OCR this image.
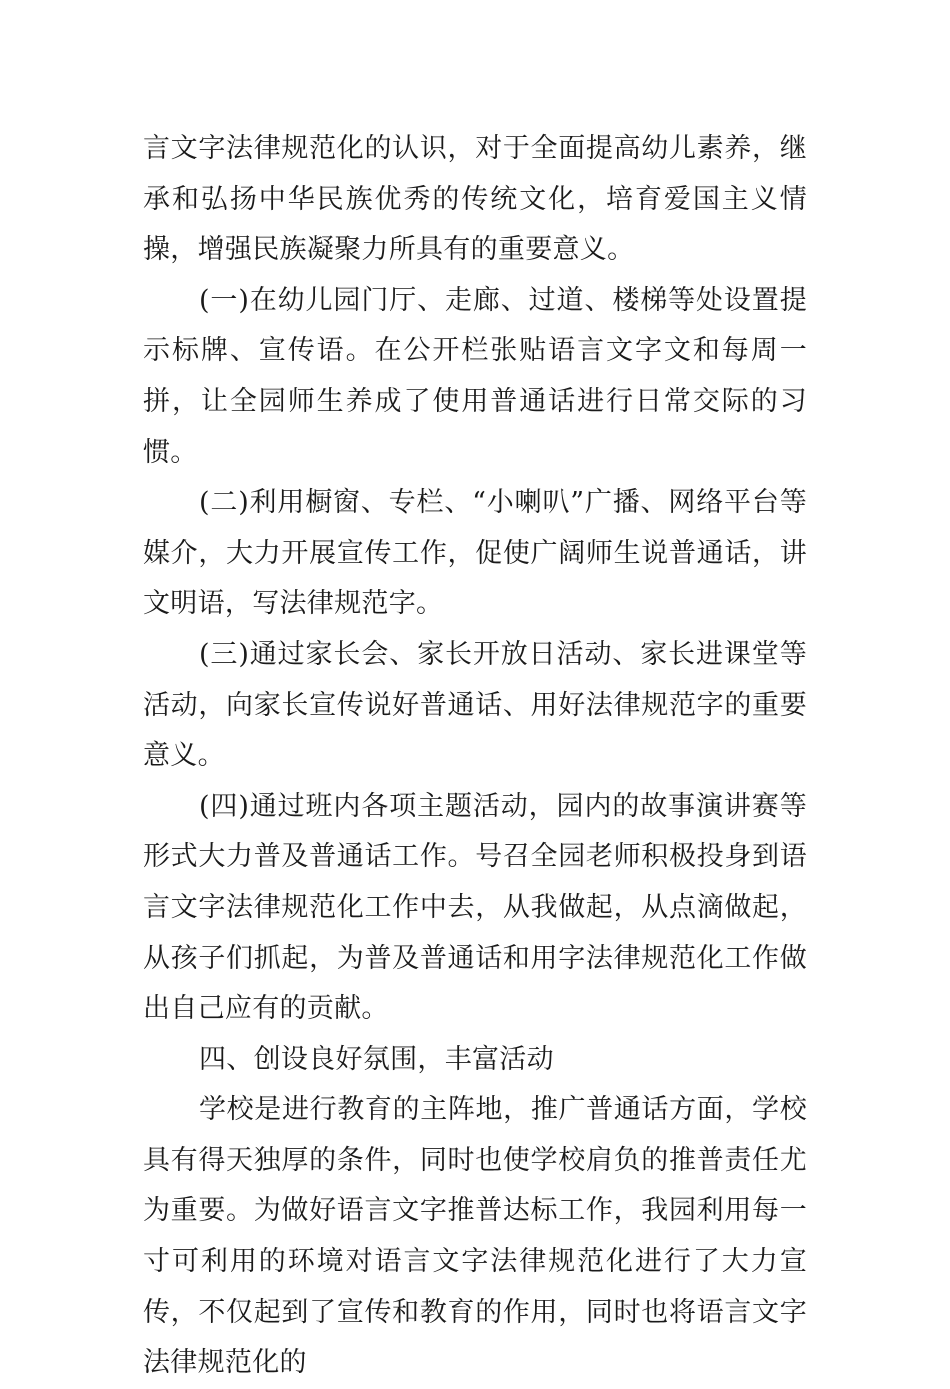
言文字法律规范化的认识，对于全面提高幼儿素养，继承和弘扬中华民族优秀的传统文化，培育爱国主义情操，增强民族凝聚力所具有的重要意义。

(一)在幼儿园门厅、走廊、过道、楼梯等处设置提示标牌、宣传语。在公开栏张贴语言文字文和每周一拼，让全园师生养成了使用普通话进行日常交际的习惯。

(二)利用橱窗、专栏、“小喇叭”广播、网络平台等媒介，大力开展宣传工作，促使广阔师生说普通话，讲文明语，写法律规范字。

(三)通过家长会、家长开放日活动、家长进课堂等活动，向家长宣传说好普通话、用好法律规范字的重要意义。

(四)通过班内各项主题活动，园内的故事演讲赛等形式大力普及普通话工作。号召全园老师积极投身到语言文字法律规范化工作中去，从我做起，从点滴做起，从孩子们抓起，为普及普通话和用字法律规范化工作做出自己应有的贡献。

四、创设良好氛围，丰富活动

学校是进行教育的主阵地，推广普通话方面，学校具有得天独厚的条件，同时也使学校肩负的推普责任尤为重要。为做好语言文字推普达标工作，我园利用每一寸可利用的环境对语言文字法律规范化进行了大力宣传，不仅起到了宣传和教育的作用，同时也将语言文字法律规范化的
